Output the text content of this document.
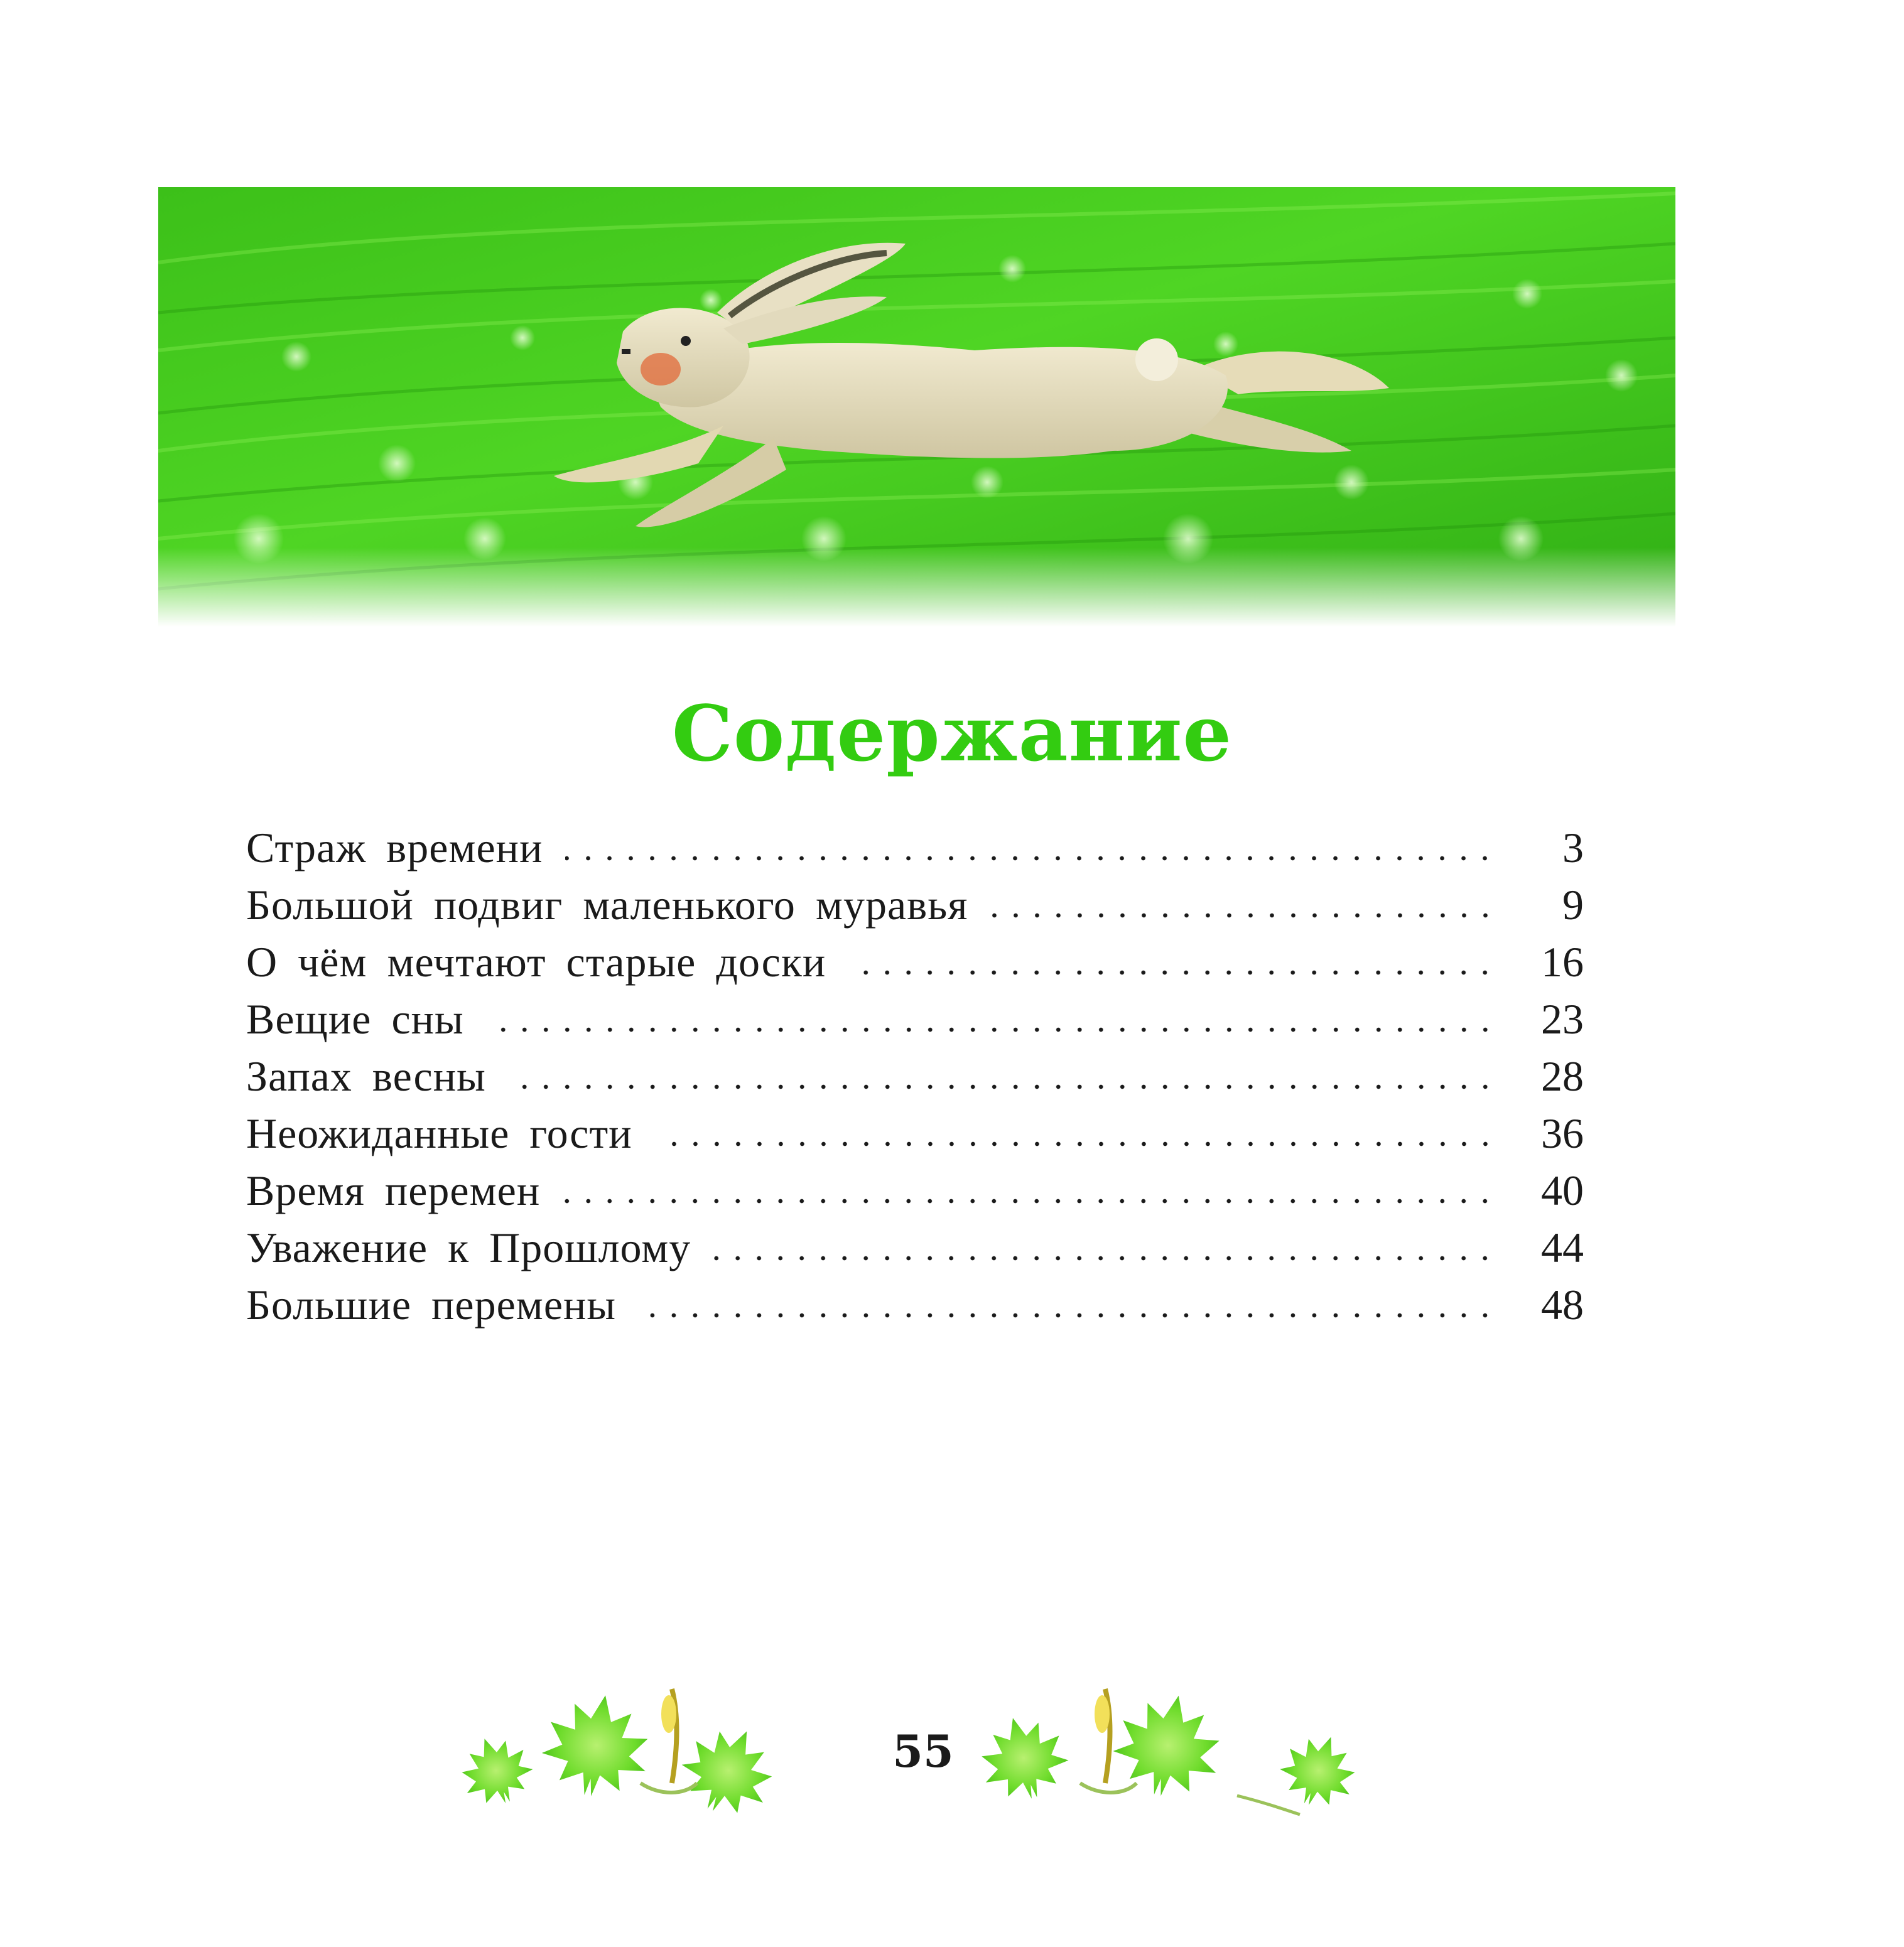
Содержание
Страж времени	3
Большой подвиг маленького муравья	9
О чём мечтают старые доски	16
Вещие сны	23
Запах весны	28
Неожиданные гости	36
Время перемен	40
Уважение к Прошлому	44
Большие перемены	48
55
